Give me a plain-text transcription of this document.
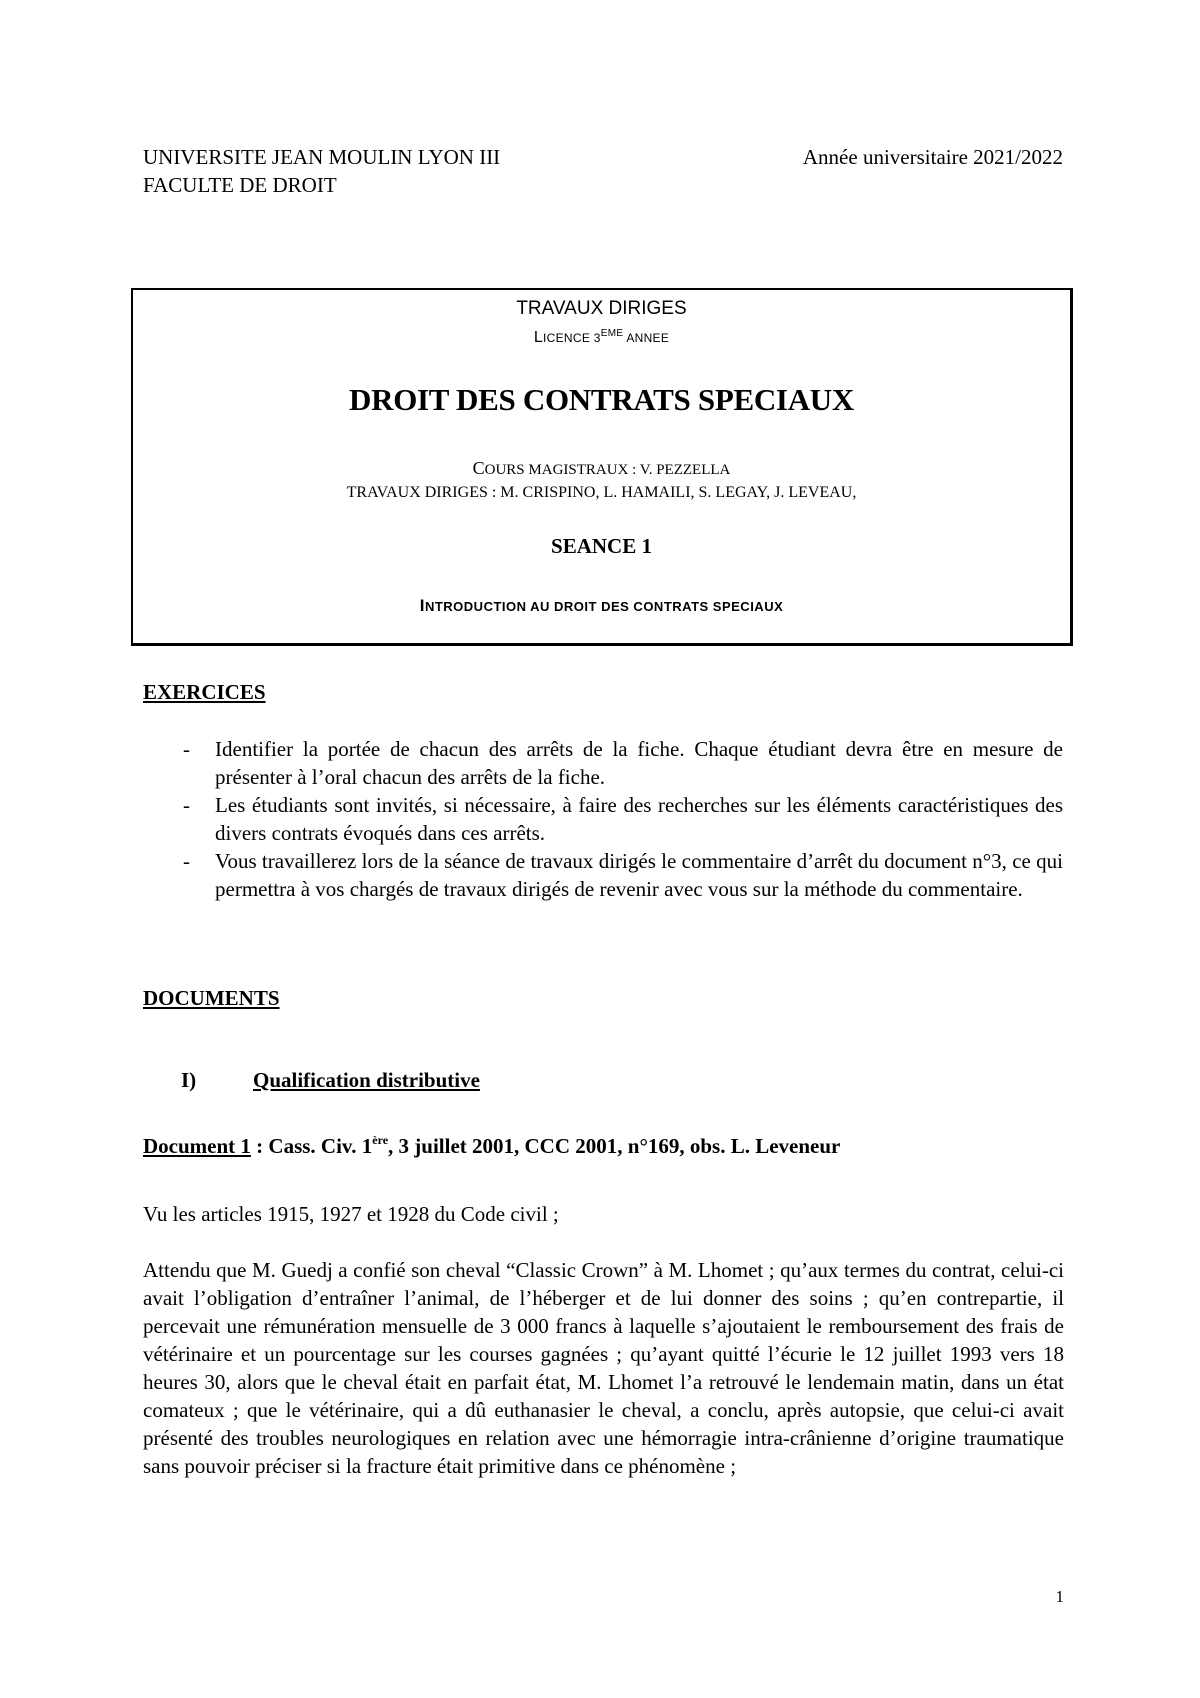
UNIVERSITE JEAN MOULIN LYON III
FACULTE DE DROIT
Année universitaire 2021/2022
TRAVAUX DIRIGES
LICENCE 3EME ANNEE
DROIT DES CONTRATS SPECIAUX
COURS MAGISTRAUX : V. PEZZELLA
TRAVAUX DIRIGES : M. CRISPINO, L. HAMAILI, S. LEGAY, J. LEVEAU,
SEANCE 1
INTRODUCTION AU DROIT DES CONTRATS SPECIAUX
EXERCICES
- Identifier la portée de chacun des arrêts de la fiche. Chaque étudiant devra être en mesure de présenter à l’oral chacun des arrêts de la fiche.
- Les étudiants sont invités, si nécessaire, à faire des recherches sur les éléments caractéristiques des divers contrats évoqués dans ces arrêts.
- Vous travaillerez lors de la séance de travaux dirigés le commentaire d’arrêt du document n°3, ce qui permettra à vos chargés de travaux dirigés de revenir avec vous sur la méthode du commentaire.
DOCUMENTS
I)	Qualification distributive
Document 1 : Cass. Civ. 1ère, 3 juillet 2001, CCC 2001, n°169, obs. L. Leveneur

Vu les articles 1915, 1927 et 1928 du Code civil ;

Attendu que M. Guedj a confié son cheval “Classic Crown” à M. Lhomet ; qu’aux termes du contrat, celui-ci avait l’obligation d’entraîner l’animal, de l’héberger et de lui donner des soins ; qu’en contrepartie, il percevait une rémunération mensuelle de 3 000 francs à laquelle s’ajoutaient le remboursement des frais de vétérinaire et un pourcentage sur les courses gagnées ; qu’ayant quitté l’écurie le 12 juillet 1993 vers 18 heures 30, alors que le cheval était en parfait état, M. Lhomet l’a retrouvé le lendemain matin, dans un état comateux ; que le vétérinaire, qui a dû euthanasier le cheval, a conclu, après autopsie, que celui-ci avait présenté des troubles neurologiques en relation avec une hémorragie intra-crânienne d’origine traumatique sans pouvoir préciser si la fracture était primitive dans ce phénomène ;

1
